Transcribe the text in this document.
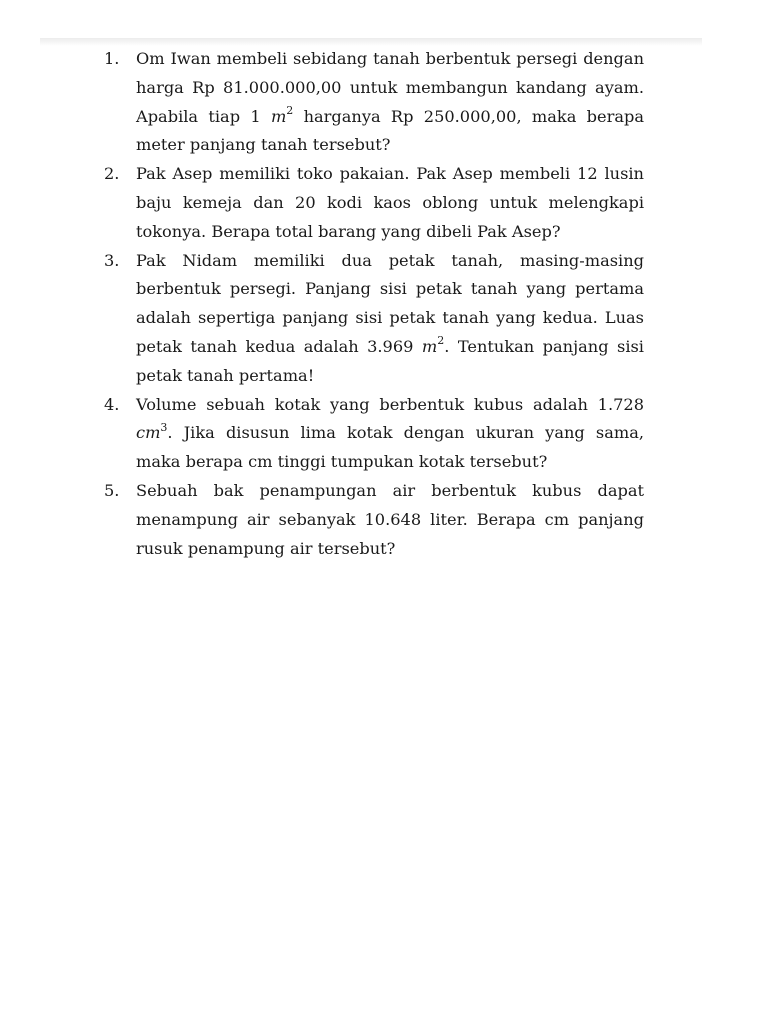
1. Om Iwan membeli sebidang tanah berbentuk persegi dengan harga Rp 81.000.000,00 untuk membangun kandang ayam. Apabila tiap 1 $m^2$ harganya Rp 250.000,00, maka berapa meter panjang tanah tersebut?
2. Pak Asep memiliki toko pakaian. Pak Asep membeli 12 lusin baju kemeja dan 20 kodi kaos oblong untuk melengkapi tokonya. Berapa total barang yang dibeli Pak Asep?
3. Pak Nidam memiliki dua petak tanah, masing-masing berbentuk persegi. Panjang sisi petak tanah yang pertama adalah sepertiga panjang sisi petak tanah yang kedua. Luas petak tanah kedua adalah 3.969 $m^2$. Tentukan panjang sisi petak tanah pertama!
4. Volume sebuah kotak yang berbentuk kubus adalah 1.728 $cm^3$. Jika disusun lima kotak dengan ukuran yang sama, maka berapa cm tinggi tumpukan kotak tersebut?
5. Sebuah bak penampungan air berbentuk kubus dapat menampung air sebanyak 10.648 liter. Berapa cm panjang rusuk penampung air tersebut?
